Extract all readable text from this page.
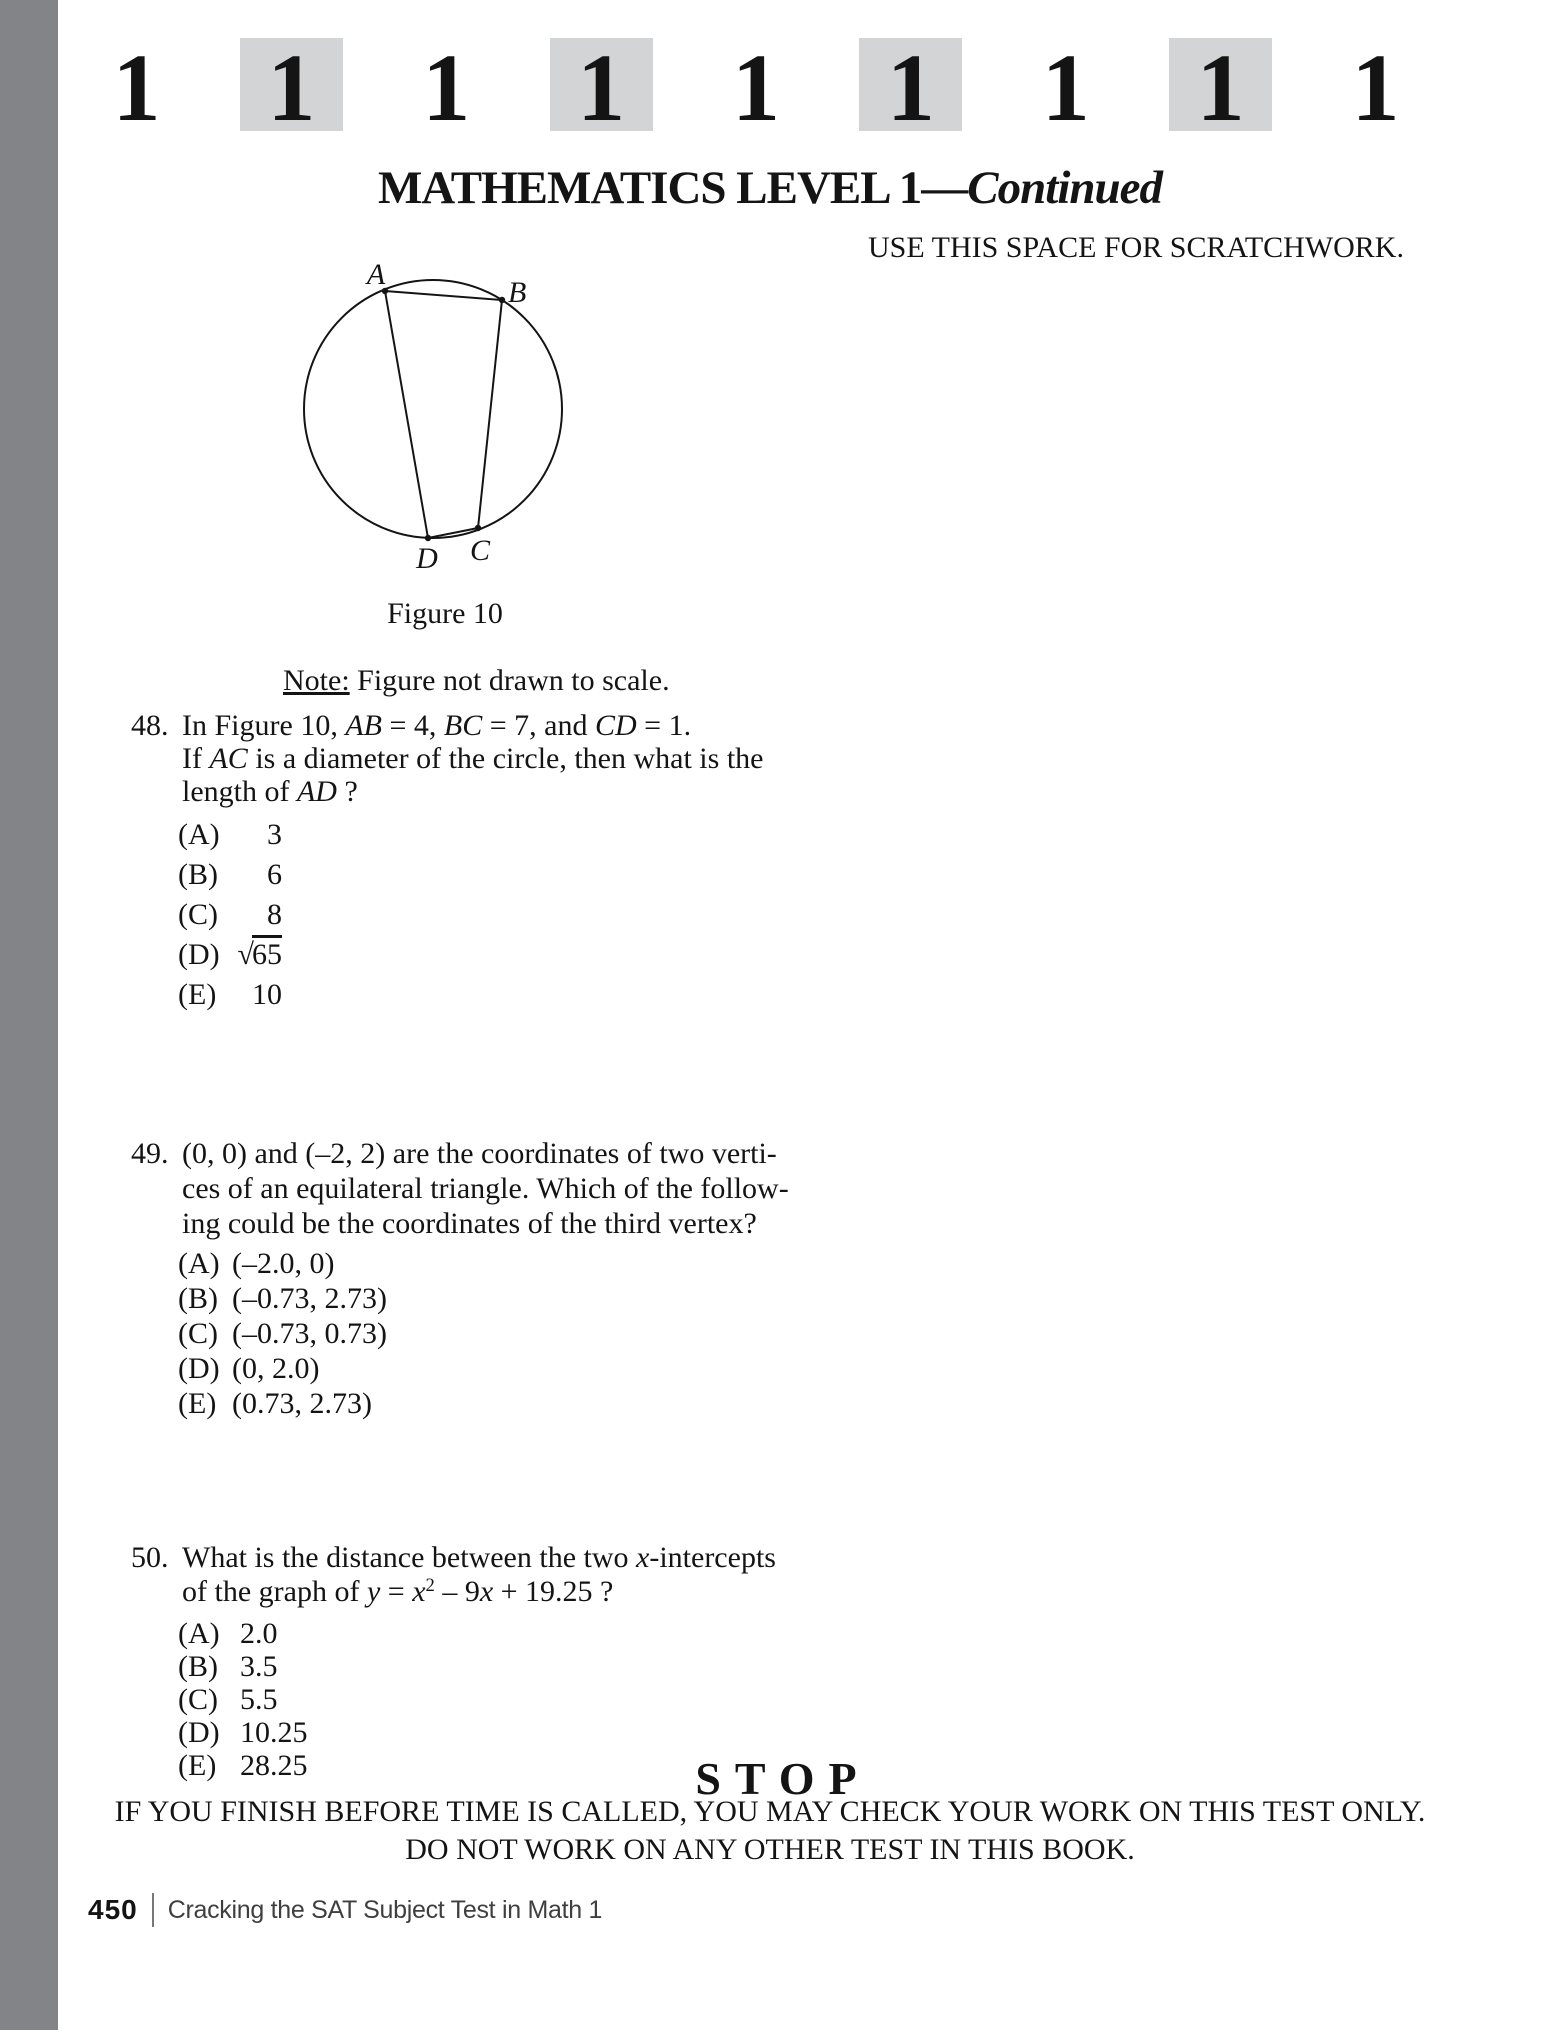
1 1 1 1 1 1 1 1 1
MATHEMATICS LEVEL 1—Continued
USE THIS SPACE FOR SCRATCHWORK.
A
B
C
D
Figure 10
Note: Figure not drawn to scale.
48. In Figure 10, AB = 4, BC = 7, and CD = 1.
If AC is a diameter of the circle, then what is the
length of AD ?
(A)	3
(B)	6
(C)	8
(D) √65
(E)	10
49. (0, 0) and (–2, 2) are the coordinates of two verti-
ces of an equilateral triangle. Which of the follow-
ing could be the coordinates of the third vertex?
(A) (–2.0, 0)
(B) (–0.73, 2.73)
(C) (–0.73, 0.73)
(D) (0, 2.0)
(E) (0.73, 2.73)
50. What is the distance between the two x-intercepts
of the graph of $y = x^2 - 9x + 19.25$ ?
(A) 2.0
(B) 3.5
(C) 5.5
(D) 10.25
(E) 28.25	STOP
IF YOU FINISH BEFORE TIME IS CALLED, YOU MAY CHECK YOUR WORK ON THIS TEST ONLY.
DO NOT WORK ON ANY OTHER TEST IN THIS BOOK.
450 Cracking the SAT Subject Test in Math 1
